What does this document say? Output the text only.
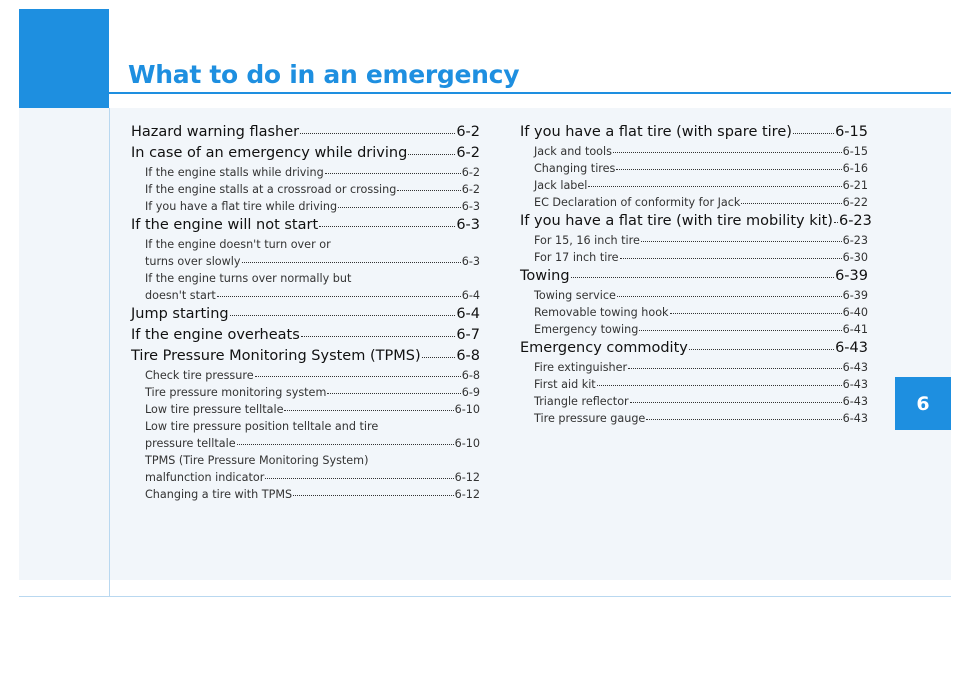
What to do in an emergency
6
Hazard warning flasher	6-2
In case of an emergency while driving	6-2
If the engine stalls while driving	6-2
If the engine stalls at a crossroad or crossing	6-2
If you have a flat tire while driving	6-3
If the engine will not start	6-3
If the engine doesn't turn over or
turns over slowly	6-3
If the engine turns over normally but
doesn't start	6-4
Jump starting	6-4
If the engine overheats	6-7
Tire Pressure Monitoring System (TPMS) 6-8
Check tire pressure	6-8
Tire pressure monitoring system	6-9
Low tire pressure telltale	6-10
Low tire pressure position telltale and tire
pressure telltale	6-10
TPMS (Tire Pressure Monitoring System)
malfunction indicator	6-12
Changing a tire with TPMS	6-12
If you have a flat tire (with spare tire)	6-15
Jack and tools	6-15
Changing tires	6-16
Jack label	6-21
EC Declaration of conformity for Jack	6-22
If you have a flat tire (with tire mobility kit) 6-23
For 15, 16 inch tire	6-23
For 17 inch tire	6-30
Towing	6-39
Towing service	6-39
Removable towing hook	6-40
Emergency towing	6-41
Emergency commodity	6-43
Fire extinguisher	6-43
First aid kit	6-43
Triangle reflector	6-43
Tire pressure gauge	6-43
